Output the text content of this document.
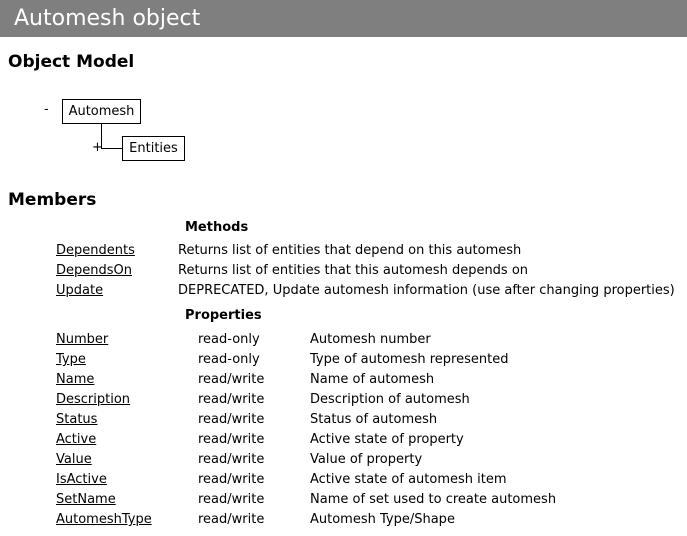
Automesh object
Object Model
-	Automesh
+	Entities
Members
Methods
Dependents	Returns list of entities that depend on this automesh
DependsOn	Returns list of entities that this automesh depends on
Update	DEPRECATED, Update automesh information (use after changing properties)
Properties
Number	read-only	Automesh number
Type	read-only	Type of automesh represented
Name	read/write	Name of automesh
Description	read/write	Description of automesh
Status	read/write	Status of automesh
Active	read/write	Active state of property
Value	read/write	Value of property
IsActive	read/write	Active state of automesh item
SetName	read/write	Name of set used to create automesh
AutomeshType	read/write	Automesh Type/Shape
